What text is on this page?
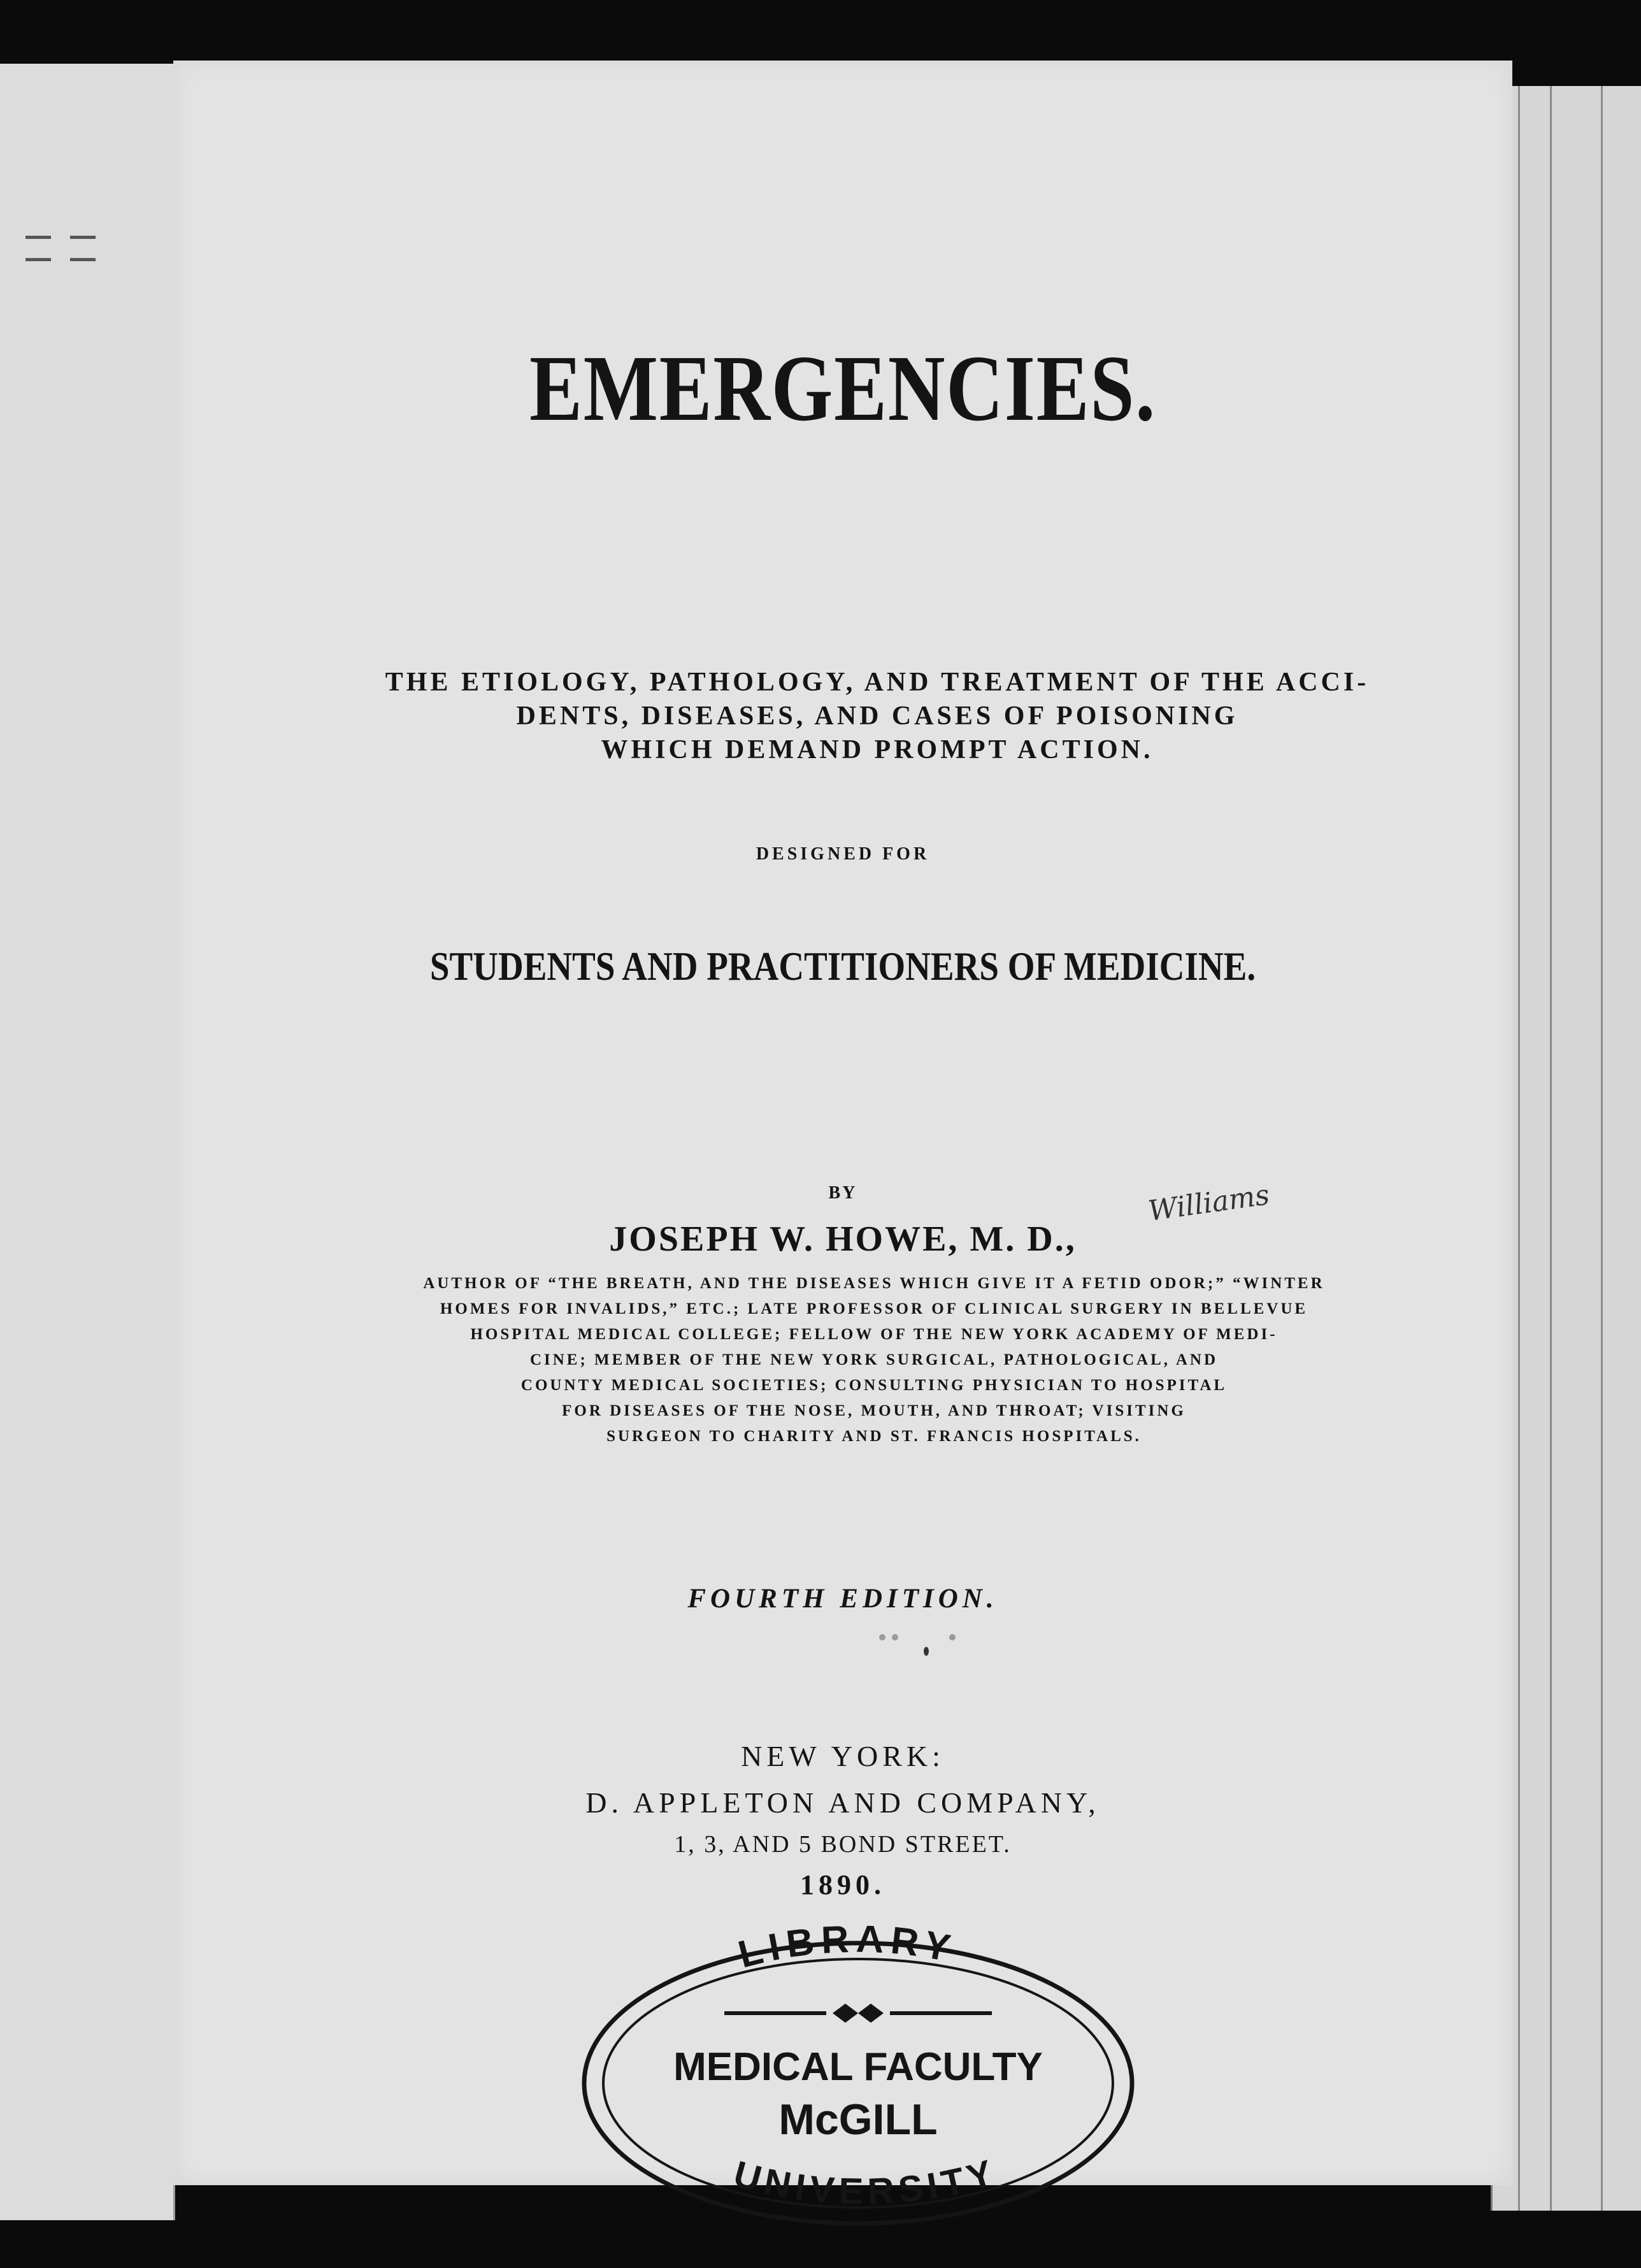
EMERGENCIES.
THE ETIOLOGY, PATHOLOGY, AND TREATMENT OF THE ACCI-
DENTS, DISEASES, AND CASES OF POISONING
WHICH DEMAND PROMPT ACTION.
DESIGNED FOR
STUDENTS AND PRACTITIONERS OF MEDICINE.
BY
JOSEPH W. HOWE, M. D.,
Williams
AUTHOR OF “THE BREATH, AND THE DISEASES WHICH GIVE IT A FETID ODOR;” “WINTER
HOMES FOR INVALIDS,” ETC.; LATE PROFESSOR OF CLINICAL SURGERY IN BELLEVUE
HOSPITAL MEDICAL COLLEGE; FELLOW OF THE NEW YORK ACADEMY OF MEDI-
CINE; MEMBER OF THE NEW YORK SURGICAL, PATHOLOGICAL, AND
COUNTY MEDICAL SOCIETIES; CONSULTING PHYSICIAN TO HOSPITAL
FOR DISEASES OF THE NOSE, MOUTH, AND THROAT; VISITING
SURGEON TO CHARITY AND ST. FRANCIS HOSPITALS.
FOURTH EDITION.
NEW YORK:
D. APPLETON AND COMPANY,
1, 3, AND 5 BOND STREET.
1890.
LIBRARY
MEDICAL FACULTY
McGILL
UNIVERSITY
